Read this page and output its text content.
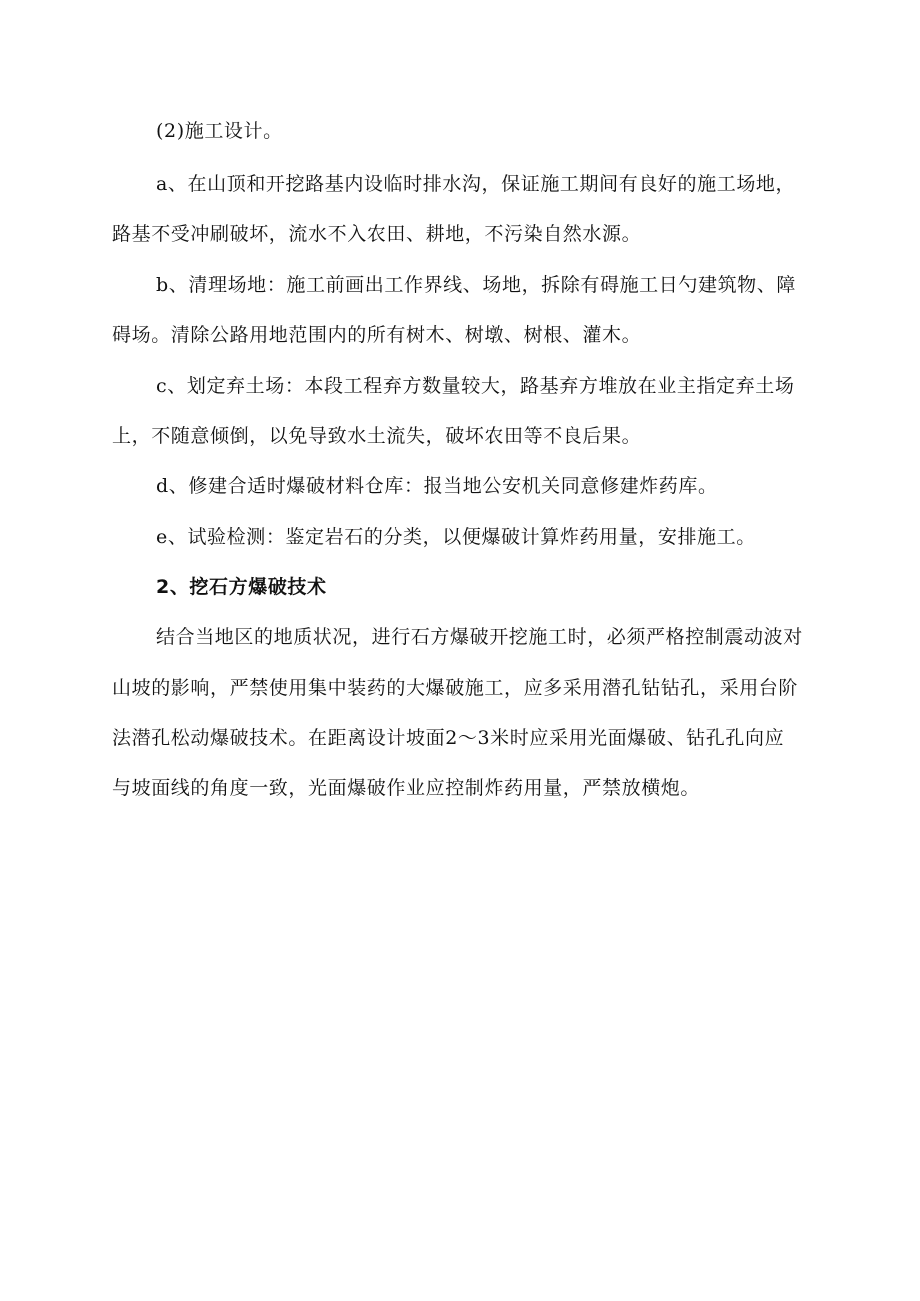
(2)施工设计。
a、在山顶和开挖路基内设临时排水沟，保证施工期间有良好的施工场地，
路基不受冲刷破坏，流水不入农田、耕地，不污染自然水源。
b、清理场地：施工前画出工作界线、场地，拆除有碍施工日勺建筑物、障
碍场。清除公路用地范围内的所有树木、树墩、树根、灌木。
c、划定弃土场：本段工程弃方数量较大，路基弃方堆放在业主指定弃土场
上，不随意倾倒，以免导致水土流失，破坏农田等不良后果。
d、修建合适时爆破材料仓库：报当地公安机关同意修建炸药库。
e、试验检测：鉴定岩石的分类，以便爆破计算炸药用量，安排施工。
2、挖石方爆破技术
结合当地区的地质状况，进行石方爆破开挖施工时，必须严格控制震动波对
山坡的影响，严禁使用集中装药的大爆破施工，应多采用潜孔钻钻孔，采用台阶
法潜孔松动爆破技术。在距离设计坡面2～3米时应采用光面爆破、钻孔孔向应
与坡面线的角度一致，光面爆破作业应控制炸药用量，严禁放横炮。
